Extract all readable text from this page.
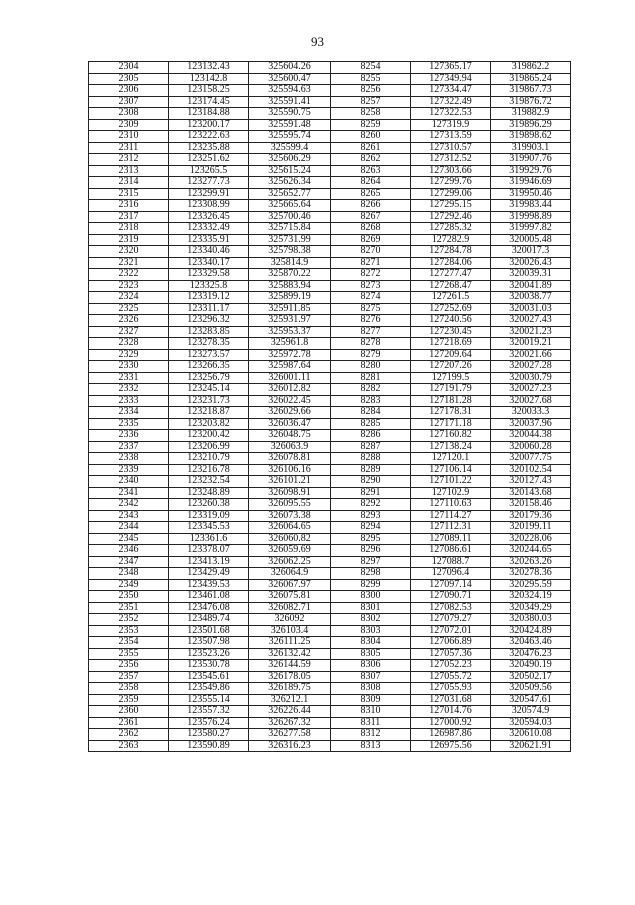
93
2304	123132.43	325604.26	8254	127365.17	319862.2
2305	123142.8	325600.47	8255	127349.94	319865.24
2306	123158.25	325594.63	8256	127334.47	319867.73
2307	123174.45	325591.41	8257	127322.49	319876.72
2308	123184.88	325590.75	8258	127322.53	319882.9
2309	123200.17	325591.48	8259	127319.9	319896.29
2310	123222.63	325595.74	8260	127313.59	319898.62
2311	123235.88	325599.4	8261	127310.57	319903.1
2312	123251.62	325606.29	8262	127312.52	319907.76
2313	123265.5	325615.24	8263	127303.66	319929.76
2314	123277.73	325626.34	8264	127299.76	319946.69
2315	123299.91	325652.77	8265	127299.06	319950.46
2316	123308.99	325665.64	8266	127295.15	319983.44
2317	123326.45	325700.46	8267	127292.46	319998.89
2318	123332.49	325715.84	8268	127285.32	319997.82
2319	123335.91	325731.99	8269	127282.9	320005.48
2320	123340.46	325798.38	8270	127284.78	320017.3
2321	123340.17	325814.9	8271	127284.06	320026.43
2322	123329.58	325870.22	8272	127277.47	320039.31
2323	123325.8	325883.94	8273	127268.47	320041.89
2324	123319.12	325899.19	8274	127261.5	320038.77
2325	123311.17	325911.85	8275	127252.69	320031.03
2326	123296.32	325931.97	8276	127240.56	320027.43
2327	123283.85	325953.37	8277	127230.45	320021.23
2328	123278.35	325961.8	8278	127218.69	320019.21
2329	123273.57	325972.78	8279	127209.64	320021.66
2330	123266.35	325987.64	8280	127207.26	320027.28
2331	123256.79	326001.11	8281	127199.5	320030.79
2332	123245.14	326012.82	8282	127191.79	320027.23
2333	123231.73	326022.45	8283	127181.28	320027.68
2334	123218.87	326029.66	8284	127178.31	320033.3
2335	123203.82	326036.47	8285	127171.18	320037.96
2336	123200.42	326048.75	8286	127160.82	320044.38
2337	123206.99	326063.9	8287	127138.24	320060.28
2338	123210.79	326078.81	8288	127120.1	320077.75
2339	123216.78	326106.16	8289	127106.14	320102.54
2340	123232.54	326101.21	8290	127101.22	320127.43
2341	123248.89	326098.91	8291	127102.9	320143.68
2342	123260.38	326095.55	8292	127110.63	320158.46
2343	123319.09	326073.38	8293	127114.27	320179.36
2344	123345.53	326064.65	8294	127112.31	320199.11
2345	123361.6	326060.82	8295	127089.11	320228.06
2346	123378.07	326059.69	8296	127086.61	320244.65
2347	123413.19	326062.25	8297	127088.7	320263.26
2348	123429.49	326064.9	8298	127096.4	320278.36
2349	123439.53	326067.97	8299	127097.14	320295.59
2350	123461.08	326075.81	8300	127090.71	320324.19
2351	123476.08	326082.71	8301	127082.53	320349.29
2352	123489.74	326092	8302	127079.27	320380.03
2353	123501.68	326103.4	8303	127072.01	320424.89
2354	123507.98	326111.25	8304	127066.89	320463.46
2355	123523.26	326132.42	8305	127057.36	320476.23
2356	123530.78	326144.59	8306	127052.23	320490.19
2357	123545.61	326178.05	8307	127055.72	320502.17
2358	123549.86	326189.75	8308	127055.93	320509.56
2359	123555.14	326212.1	8309	127031.68	320547.61
2360	123557.32	326226.44	8310	127014.76	320574.9
2361	123576.24	326267.32	8311	127000.92	320594.03
2362	123580.27	326277.58	8312	126987.86	320610.08
2363	123590.89	326316.23	8313	126975.56	320621.91
